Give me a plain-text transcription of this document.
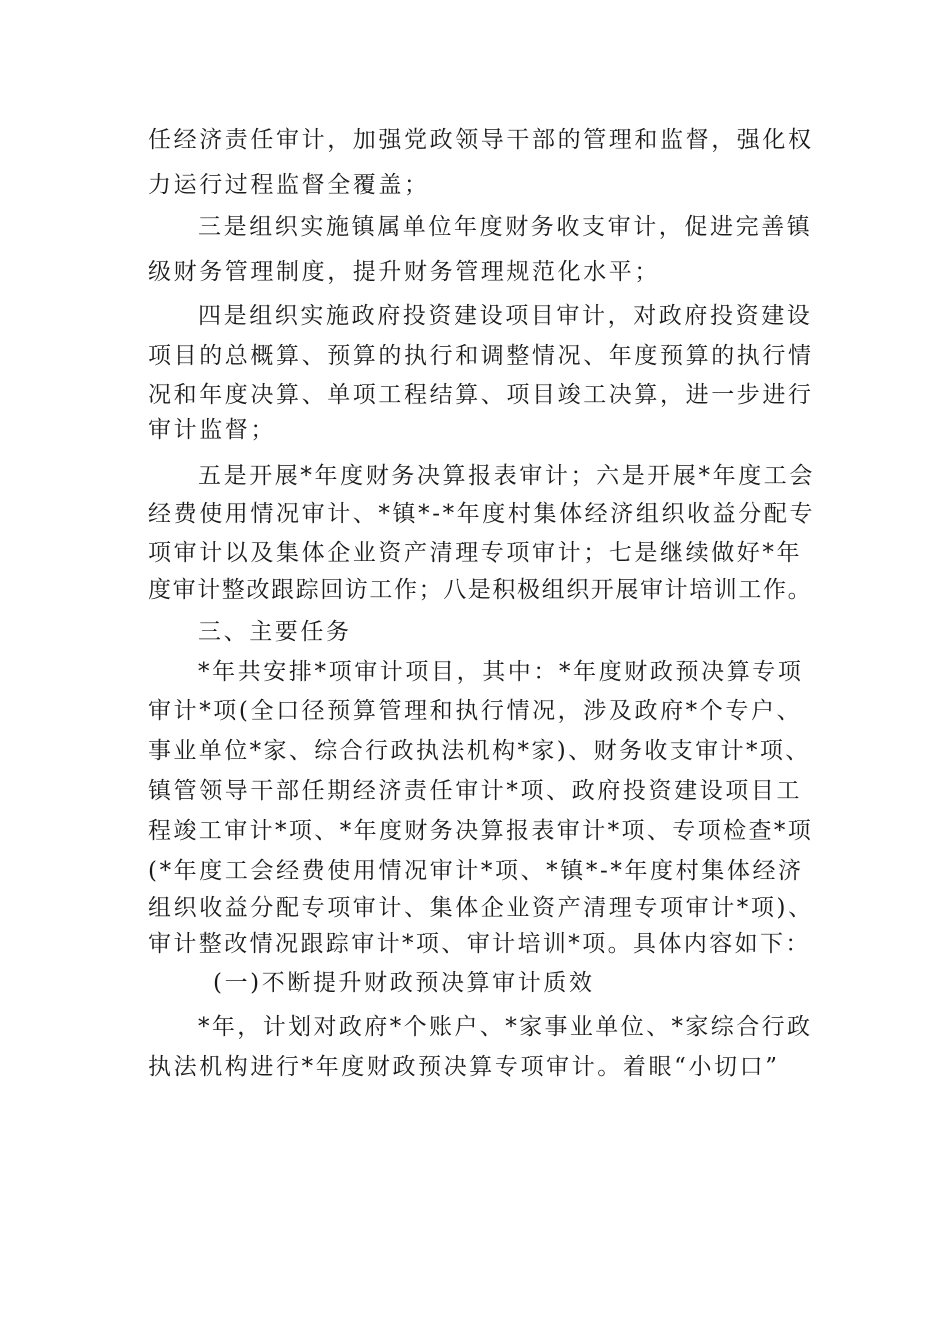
任经济责任审计，加强党政领导干部的管理和监督，强化权
力运行过程监督全覆盖；
三是组织实施镇属单位年度财务收支审计，促进完善镇
级财务管理制度，提升财务管理规范化水平；
四是组织实施政府投资建设项目审计，对政府投资建设
项目的总概算、预算的执行和调整情况、年度预算的执行情
况和年度决算、单项工程结算、项目竣工决算，进一步进行
审计监督；
五是开展*年度财务决算报表审计；六是开展*年度工会
经费使用情况审计、*镇*-*年度村集体经济组织收益分配专
项审计以及集体企业资产清理专项审计；七是继续做好*年
度审计整改跟踪回访工作；八是积极组织开展审计培训工作。
三、主要任务
*年共安排*项审计项目，其中：*年度财政预决算专项
审计*项(全口径预算管理和执行情况，涉及政府*个专户、
事业单位*家、综合行政执法机构*家)、财务收支审计*项、
镇管领导干部任期经济责任审计*项、政府投资建设项目工
程竣工审计*项、*年度财务决算报表审计*项、专项检查*项
(*年度工会经费使用情况审计*项、*镇*-*年度村集体经济
组织收益分配专项审计、集体企业资产清理专项审计*项)、
审计整改情况跟踪审计*项、审计培训*项。具体内容如下：
(一)不断提升财政预决算审计质效
*年，计划对政府*个账户、*家事业单位、*家综合行政
执法机构进行*年度财政预决算专项审计。着眼“小切口”
